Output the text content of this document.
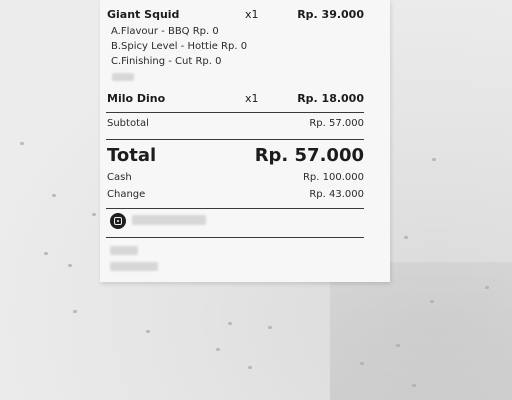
Giant Squid	x1	Rp. 39.000
A.Flavour - BBQ Rp. 0
B.Spicy Level - Hottie Rp. 0
C.Finishing - Cut Rp. 0
Milo Dino	x1	Rp. 18.000
Subtotal	Rp. 57.000
Total	Rp. 57.000
Cash	Rp. 100.000
Change	Rp. 43.000
